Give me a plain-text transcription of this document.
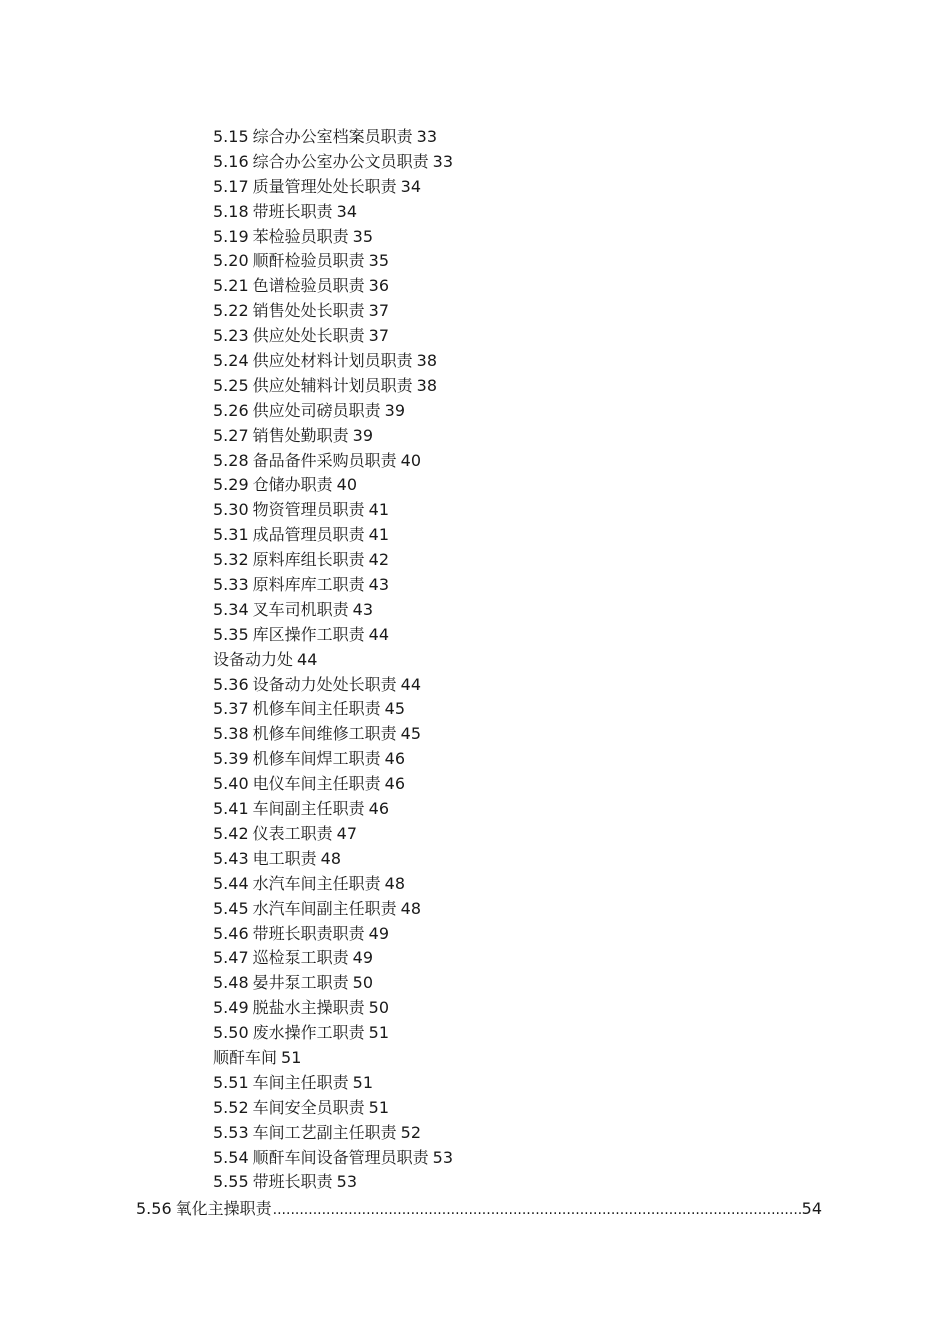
5.15 综合办公室档案员职责 33
5.16 综合办公室办公文员职责 33
5.17 质量管理处处长职责 34
5.18 带班长职责 34
5.19 苯检验员职责 35
5.20 顺酐检验员职责 35
5.21 色谱检验员职责 36
5.22 销售处处长职责 37
5.23 供应处处长职责 37
5.24 供应处材料计划员职责 38
5.25 供应处辅料计划员职责 38
5.26 供应处司磅员职责 39
5.27 销售处勤职责 39
5.28 备品备件采购员职责 40
5.29 仓储办职责 40
5.30 物资管理员职责 41
5.31 成品管理员职责 41
5.32 原料库组长职责 42
5.33 原料库库工职责 43
5.34 叉车司机职责 43
5.35 库区操作工职责 44
设备动力处 44
5.36 设备动力处处长职责 44
5.37 机修车间主任职责 45
5.38 机修车间维修工职责 45
5.39 机修车间焊工职责 46
5.40 电仪车间主任职责 46
5.41 车间副主任职责 46
5.42 仪表工职责 47
5.43 电工职责 48
5.44 水汽车间主任职责 48
5.45 水汽车间副主任职责 48
5.46 带班长职责职责 49
5.47 巡检泵工职责 49
5.48 晏井泵工职责 50
5.49 脱盐水主操职责 50
5.50 废水操作工职责 51
顺酐车间 51
5.51 车间主任职责 51
5.52 车间安全员职责 51
5.53 车间工艺副主任职责 52
5.54 顺酐车间设备管理员职责 53
5.55 带班长职责 53
5.56 氧化主操职责
.....	54
